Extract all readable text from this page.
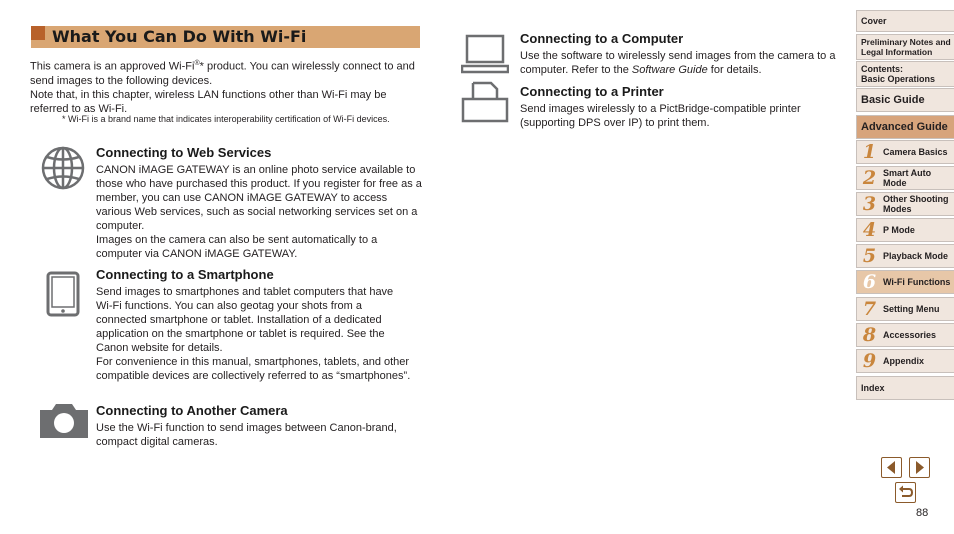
What You Can Do With Wi-Fi
This camera is an approved Wi-Fi®* product. You can wirelessly connect to and send images to the following devices.
Note that, in this chapter, wireless LAN functions other than Wi-Fi may be referred to as Wi-Fi.
* Wi-Fi is a brand name that indicates interoperability certification of Wi-Fi devices.
Connecting to Web Services
CANON iMAGE GATEWAY is an online photo service available to those who have purchased this product. If you register for free as a member, you can use CANON iMAGE GATEWAY to access various Web services, such as social networking services set on a computer.
Images on the camera can also be sent automatically to a computer via CANON iMAGE GATEWAY.
Connecting to a Smartphone
Send images to smartphones and tablet computers that have Wi-Fi functions. You can also geotag your shots from a connected smartphone or tablet. Installation of a dedicated application on the smartphone or tablet is required. See the Canon website for details.
For convenience in this manual, smartphones, tablets, and other compatible devices are collectively referred to as “smartphones”.
Connecting to Another Camera
Use the Wi-Fi function to send images between Canon-brand, compact digital cameras.
Connecting to a Computer
Use the software to wirelessly send images from the camera to a computer. Refer to the Software Guide for details.
Connecting to a Printer
Send images wirelessly to a PictBridge-compatible printer (supporting DPS over IP) to print them.
Cover
Preliminary Notes and
Legal Information
Contents:
Basic Operations
Basic Guide
Advanced Guide
1 Camera Basics
2 Smart Auto
Mode
3 Other Shooting
Modes
4 P Mode
5 Playback Mode
6 Wi-Fi Functions
7 Setting Menu
8 Accessories
9 Appendix
Index
88
